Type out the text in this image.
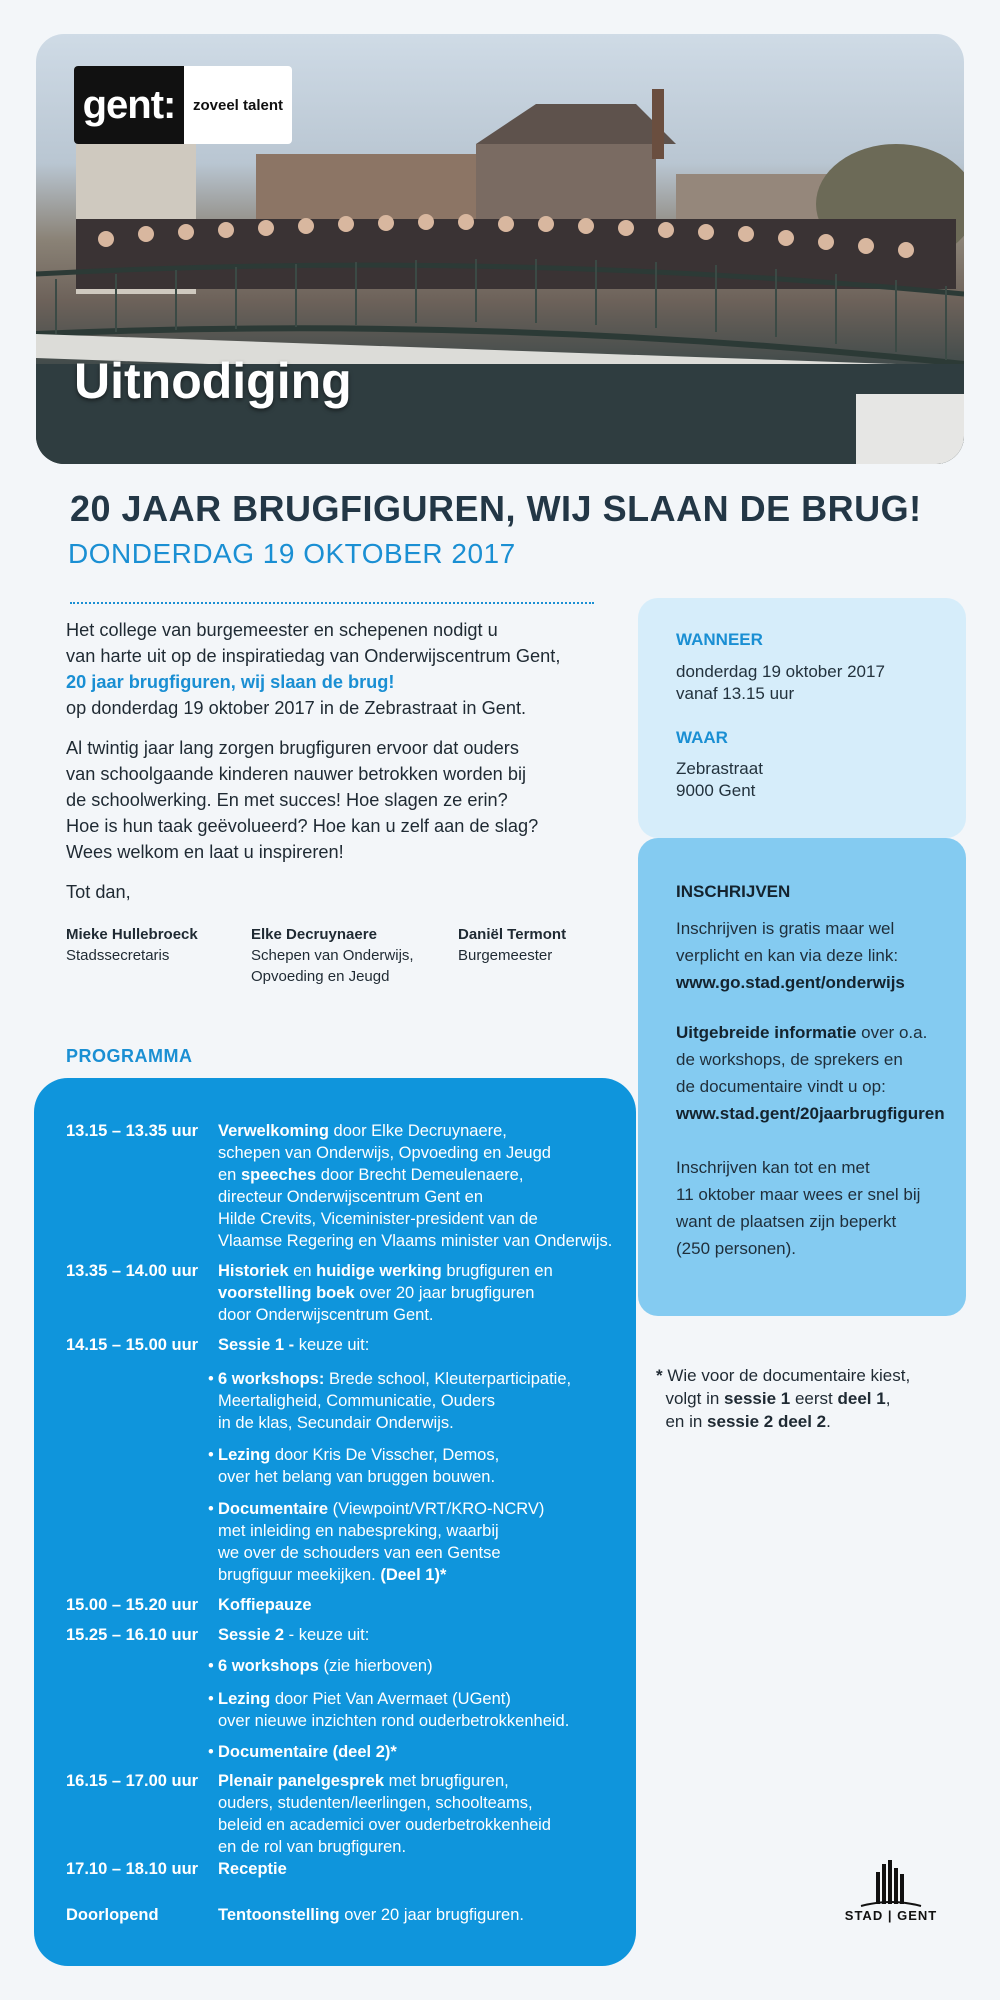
gent:	zoveel talent
Uitnodiging
20 JAAR BRUGFIGUREN, WIJ SLAAN DE BRUG!
DONDERDAG 19 OKTOBER 2017

Het college van burgemeester en schepenen nodigt u
van harte uit op de inspiratiedag van Onderwijscentrum Gent,
20 jaar brugfiguren, wij slaan de brug!
op donderdag 19 oktober 2017 in de Zebrastraat in Gent.

Al twintig jaar lang zorgen brugfiguren ervoor dat ouders
van schoolgaande kinderen nauwer betrokken worden bij
de schoolwerking. En met succes! Hoe slagen ze erin?
Hoe is hun taak geëvolueerd? Hoe kan u zelf aan de slag?
Wees welkom en laat u inspireren!

Tot dan,

Mieke Hullebroeck
Stadssecretaris
Elke Decruynaere
Schepen van Onderwijs,
Opvoeding en Jeugd
Daniël Termont
Burgemeester
WANNEER
donderdag 19 oktober 2017
vanaf 13.15 uur
WAAR
Zebrastraat
9000 Gent
INSCHRIJVEN
Inschrijven is gratis maar wel
verplicht en kan via deze link:
www.go.stad.gent/onderwijs
Uitgebreide informatie over o.a.
de workshops, de sprekers en
de documentaire vindt u op:
www.stad.gent/20jaarbrugfiguren
Inschrijven kan tot en met
11 oktober maar wees er snel bij
want de plaatsen zijn beperkt
(250 personen).
* Wie voor de documentaire kiest,
volgt in sessie 1 eerst deel 1,
en in sessie 2 deel 2.
PROGRAMMA
13.15 – 13.35 uur	Verwelkoming door Elke Decruynaere,
schepen van Onderwijs, Opvoeding en Jeugd
en speeches door Brecht Demeulenaere,
directeur Onderwijscentrum Gent en
Hilde Crevits, Viceminister-president van de
Vlaamse Regering en Vlaams minister van Onderwijs.
13.35 – 14.00 uur	Historiek en huidige werking brugfiguren en
voorstelling boek over 20 jaar brugfiguren
door Onderwijscentrum Gent.
14.15 – 15.00 uur	Sessie 1 - keuze uit:
• 6 workshops: Brede school, Kleuterparticipatie,
Meertaligheid, Communicatie, Ouders
in de klas, Secundair Onderwijs.
• Lezing door Kris De Visscher, Demos,
over het belang van bruggen bouwen.
• Documentaire (Viewpoint/VRT/KRO-NCRV)
met inleiding en nabespreking, waarbij
we over de schouders van een Gentse
brugfiguur meekijken. (Deel 1)*
15.00 – 15.20 uur	Koffiepauze
15.25 – 16.10 uur	Sessie 2 - keuze uit:
• 6 workshops (zie hierboven)
• Lezing door Piet Van Avermaet (UGent)
over nieuwe inzichten rond ouderbetrokkenheid.
• Documentaire (deel 2)*
16.15 – 17.00 uur	Plenair panelgesprek met brugfiguren,
ouders, studenten/leerlingen, schoolteams,
beleid en academici over ouderbetrokkenheid
en de rol van brugfiguren.
17.10 – 18.10 uur	Receptie
Doorlopend	Tentoonstelling over 20 jaar brugfiguren.	STAD | GENT
